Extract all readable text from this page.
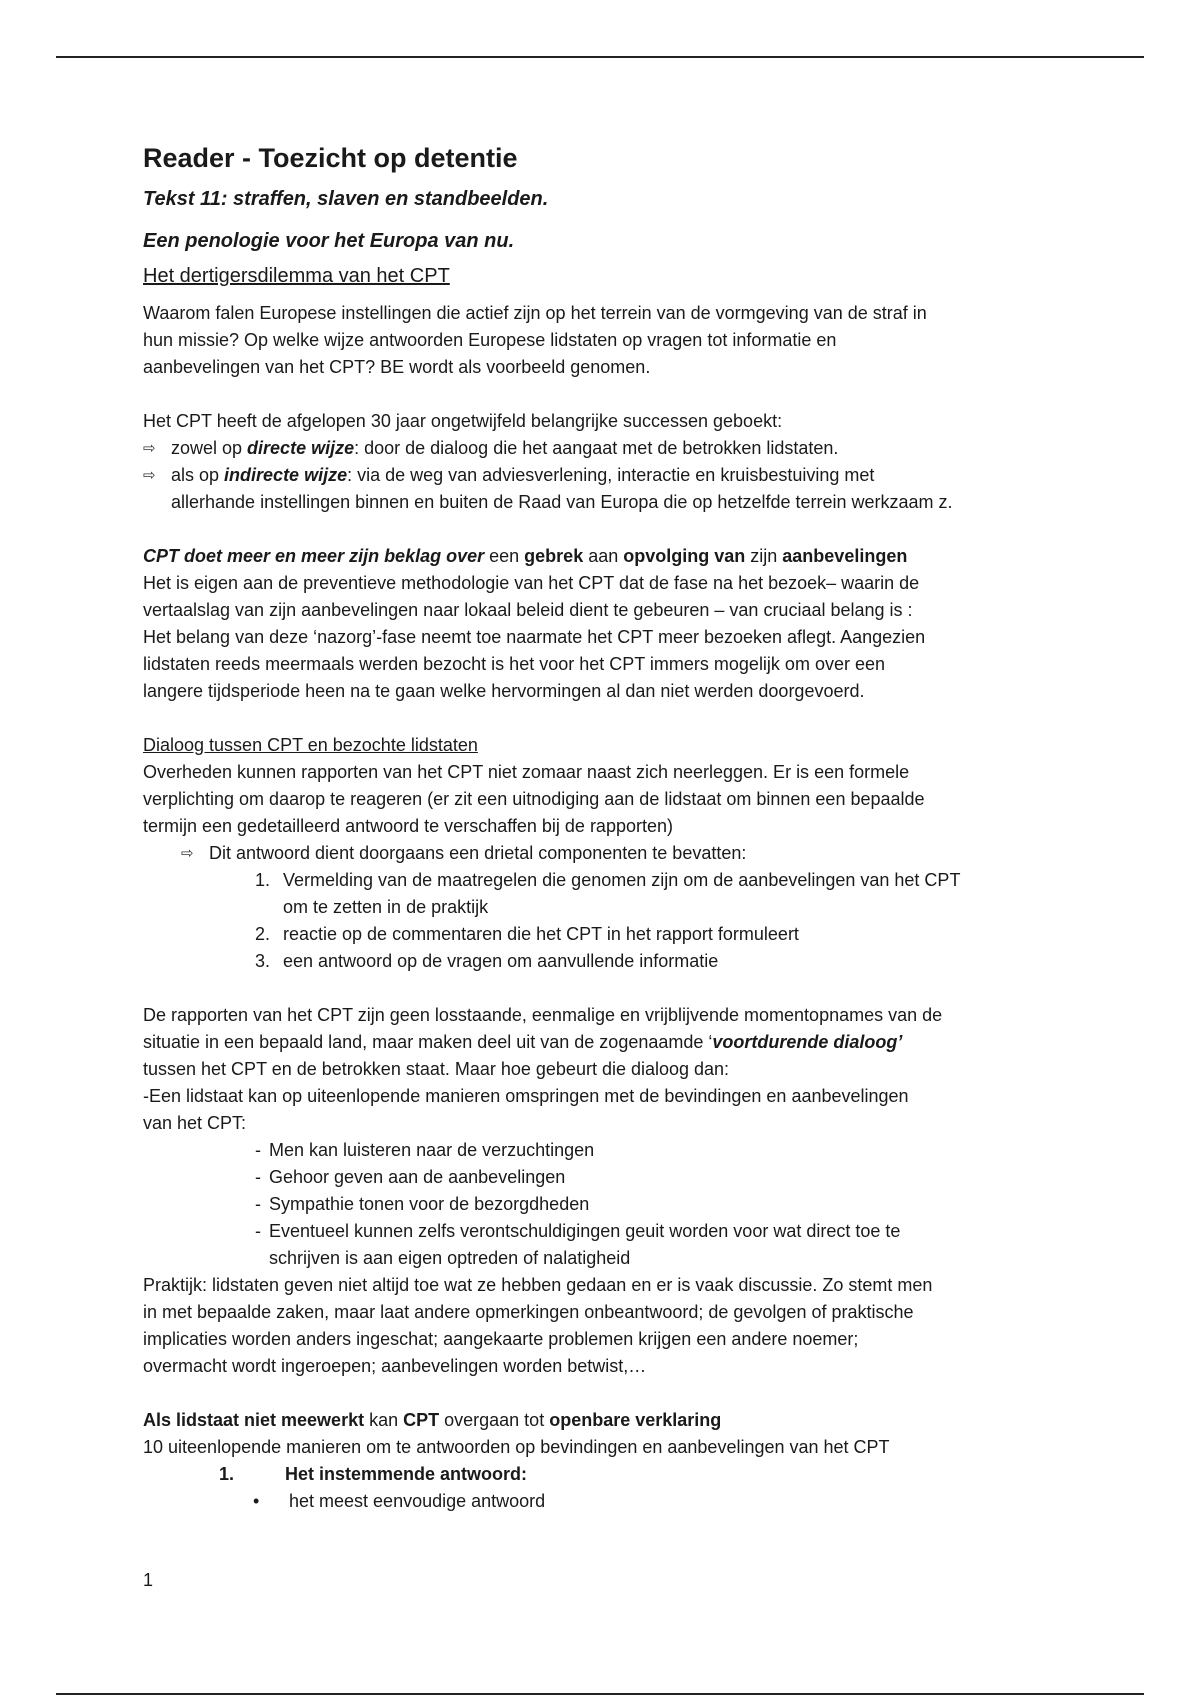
Reader - Toezicht op detentie
Tekst 11: straffen, slaven en standbeelden.
Een penologie voor het Europa van nu.
Het dertigersdilemma van het CPT

Waarom falen Europese instellingen die actief zijn op het terrein van de vormgeving van de straf in

hun missie? Op welke wijze antwoorden Europese lidstaten op vragen tot informatie en

aanbevelingen van het CPT? BE wordt als voorbeeld genomen.

Het CPT heeft de afgelopen 30 jaar ongetwijfeld belangrijke successen geboekt:

⇨ zowel op directe wijze: door de dialoog die het aangaat met de betrokken lidstaten.
⇨ als op indirecte wijze: via de weg van adviesverlening, interactie en kruisbestuiving met
allerhande instellingen binnen en buiten de Raad van Europa die op hetzelfde terrein werkzaam z.

CPT doet meer en meer zijn beklag over een gebrek aan opvolging van zijn aanbevelingen

Het is eigen aan de preventieve methodologie van het CPT dat de fase na het bezoek– waarin de

vertaalslag van zijn aanbevelingen naar lokaal beleid dient te gebeuren – van cruciaal belang is :

Het belang van deze ‘nazorg’-fase neemt toe naarmate het CPT meer bezoeken aflegt. Aangezien

lidstaten reeds meermaals werden bezocht is het voor het CPT immers mogelijk om over een

langere tijdsperiode heen na te gaan welke hervormingen al dan niet werden doorgevoerd.

Dialoog tussen CPT en bezochte lidstaten

Overheden kunnen rapporten van het CPT niet zomaar naast zich neerleggen. Er is een formele

verplichting om daarop te reageren (er zit een uitnodiging aan de lidstaat om binnen een bepaalde

termijn een gedetailleerd antwoord te verschaffen bij de rapporten)

⇨ Dit antwoord dient doorgaans een drietal componenten te bevatten:
1. Vermelding van de maatregelen die genomen zijn om de aanbevelingen van het CPT
om te zetten in de praktijk
2. reactie op de commentaren die het CPT in het rapport formuleert
3. een antwoord op de vragen om aanvullende informatie

De rapporten van het CPT zijn geen losstaande, eenmalige en vrijblijvende momentopnames van de

situatie in een bepaald land, maar maken deel uit van de zogenaamde ‘voortdurende dialoog’

tussen het CPT en de betrokken staat. Maar hoe gebeurt die dialoog dan:

-Een lidstaat kan op uiteenlopende manieren omspringen met de bevindingen en aanbevelingen

van het CPT:

- Men kan luisteren naar de verzuchtingen
- Gehoor geven aan de aanbevelingen
- Sympathie tonen voor de bezorgdheden
- Eventueel kunnen zelfs verontschuldigingen geuit worden voor wat direct toe te
schrijven is aan eigen optreden of nalatigheid

Praktijk: lidstaten geven niet altijd toe wat ze hebben gedaan en er is vaak discussie. Zo stemt men

in met bepaalde zaken, maar laat andere opmerkingen onbeantwoord; de gevolgen of praktische

implicaties worden anders ingeschat; aangekaarte problemen krijgen een andere noemer;

overmacht wordt ingeroepen; aanbevelingen worden betwist,…

Als lidstaat niet meewerkt kan CPT overgaan tot openbare verklaring

10 uiteenlopende manieren om te antwoorden op bevindingen en aanbevelingen van het CPT

1.	Het instemmende antwoord:
•	het meest eenvoudige antwoord
1
